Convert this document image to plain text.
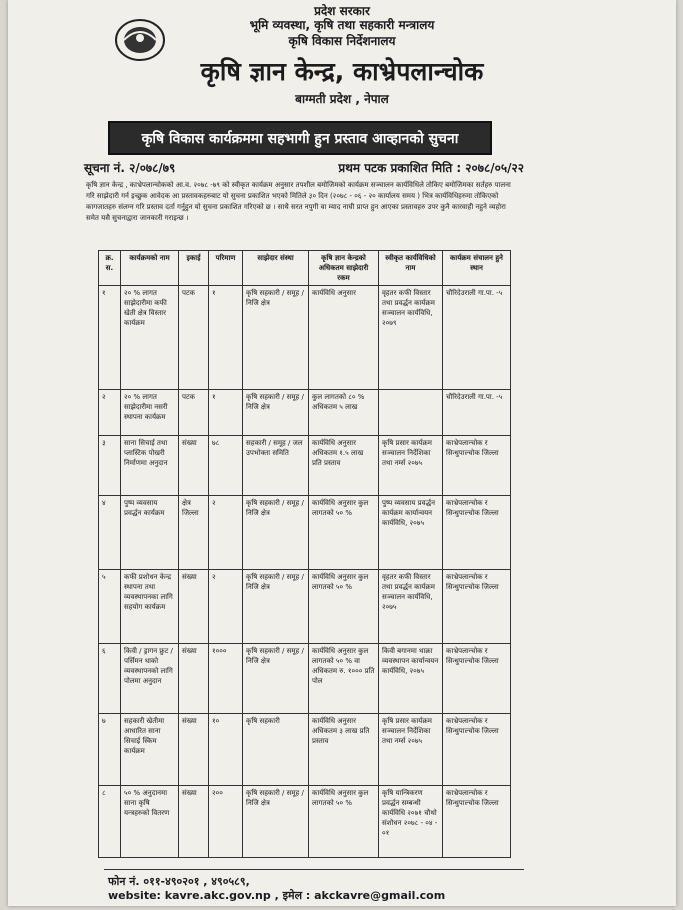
प्रदेश सरकार
भूमि व्यवस्था, कृषि तथा सहकारी मन्त्रालय
कृषि विकास निर्देशनालय
कृषि ज्ञान केन्द्र, काभ्रेपलान्चोक
बाग्मती प्रदेश , नेपाल
कृषि विकास कार्यक्रममा सहभागी हुन प्रस्ताव आव्हानको सुचना
सूचना नं. २/०७८/७९	प्रथम पटक प्रकाशित मिति : २०७८/०५/२२
कृषि ज्ञान केन्द्र , काभ्रेपलान्चोकको आ.व. २०७८ -७९ को स्वीकृत कार्यक्रम अनुसार तपशील बमोजिमको कार्यक्रम सञ्चालन कार्यविधिले तोकिए बमोजिमका सर्तहरु पालना गरि साझेदारी गर्न इच्छुक आवेदक आ प्रस्तावकहरुबाट यो सुचना प्रकाशित भएको मितिले ३० दिन (२०७८ - ०६ - २० कार्यालय समय ) भित्र कार्यविधिहरुमा तोकिएको कागजातहरु संलग्न गरि प्रस्ताव दर्ता गर्नुहुन यो सुचना प्रकाशित गरिएको छ । साथै सरत नपुगी वा म्याद नाघी प्राप्त हुन आएका प्रस्तावहरु उपर कुनै कारवाही नहुने व्यहोरा समेत यसै सुचनाद्वारा जानकारी गराइन्छ ।
क्र. स.	कार्यक्रमको नाम	इकाई	परिमाण	साझेदार संस्था	कृषि ज्ञान केन्द्रको अधिकतम साझेदारी रकम	स्वीकृत कार्यविधिको नाम	कार्यक्रम संचालन हुने स्थान
१	२० % लागत साझेदारीमा कफी खेती क्षेत्र विस्तार कार्यक्रम	पटक	१	कृषि सहकारी / समूह / निजि क्षेत्र	कार्यविधि अनुसार	वृहतर कफी विस्तार तथा प्रवर्द्धन कार्यक्रम सञ्चालन कार्यविधि, २०७९	चौरिदेउराली गा.पा. -५
२	२० % लागत साझेदारीमा नसरी स्थापना कार्यक्रम	पटक	१	कृषि सहकारी / समूह / निजि क्षेत्र	कुल लागतको ८० % अधिकतम ५ लाख		चौरिदेउराली गा.पा. -५
३	साना सिचाई तथा प्लास्टिक पोखरी निर्माणमा अनुदान	संख्या	७८	सहकारी / समूह / जल उपभोक्ता समिति	कार्यविधि अनुसार अधिकतम १.५ लाख प्रति प्रस्ताव	कृषि प्रसार कार्यक्रम सञ्चालन निर्देशिका तथा नर्म्स २०७५	काभ्रेपलान्चोक र सिन्धुपाल्चोक जिल्ला
४	पुष्प व्यवसाय प्रवर्द्धन कार्यक्रम	क्षेत्र जिल्ला	२	कृषि सहकारी / समूह / निजि क्षेत्र	कार्यविधि अनुसार कुल लागतको ५० %	पुष्प व्यवसाय प्रवर्द्धन कार्यक्रम कार्यान्वयन कार्यविधि, २०७५	काभ्रेपलान्चोक र सिन्धुपाल्चोक जिल्ला
५	कफी प्रशोधन केन्द्र स्थापना तथा व्यवस्थापनका लागि सहयोग कार्यक्रम	संख्या	२	कृषि सहकारी / समूह / निजि क्षेत्र	कार्यविधि अनुसार कुल लागतको ५० %	वृहतर कफी विस्तार तथा प्रवर्द्धन कार्यक्रम सञ्चालन कार्यविधि, २०७५	काभ्रेपलान्चोक र सिन्धुपाल्चोक जिल्ला
६	किवी / ड्रागन फ्रुट / पर्सिमन धाको व्यवस्थापनको लागि पोलमा अनुदान	संख्या	१०००	कृषि सहकारी / समूह / निजि क्षेत्र	कार्यविधि अनुसार कुल लागतको ५० % वा अधिकतम रु. १००० प्रति पोल	किवी बगानमा थाक्रा व्यवस्थापन कार्यान्वयन कार्यविधि, २०७५	काभ्रेपलान्चोक र सिन्धुपाल्चोक जिल्ला
७	सहकारी खेतीमा आधारित साना सिचाई स्किम कार्यक्रम	संख्या	१०	कृषि सहकारी	कार्यविधि अनुसार अधिकतम ३ लाख प्रति प्रस्ताव	कृषि प्रसार कार्यक्रम सञ्चालन निर्देशिका तथा नर्म्स २०७५	काभ्रेपलान्चोक र सिन्धुपाल्चोक जिल्ला
८	५० % अनुदानमा साना कृषि यन्त्रहरुको वितरण	संख्या	२००	कृषि सहकारी / समूह / निजि क्षेत्र	कार्यविधि अनुसार कुल लागतको ५० %	कृषि यान्त्रिकरण प्रवर्द्धन सम्बन्धी कार्यविधि २०७१ चौथो संशोधन २०७८ - ०४ - ०१	काभ्रेपलान्चोक र सिन्धुपाल्चोक जिल्ला
फोन नं. ०११-४९०२०१ , ४९०५८९,
website: kavre.akc.gov.np , इमेल : akckavre@gmail.com
